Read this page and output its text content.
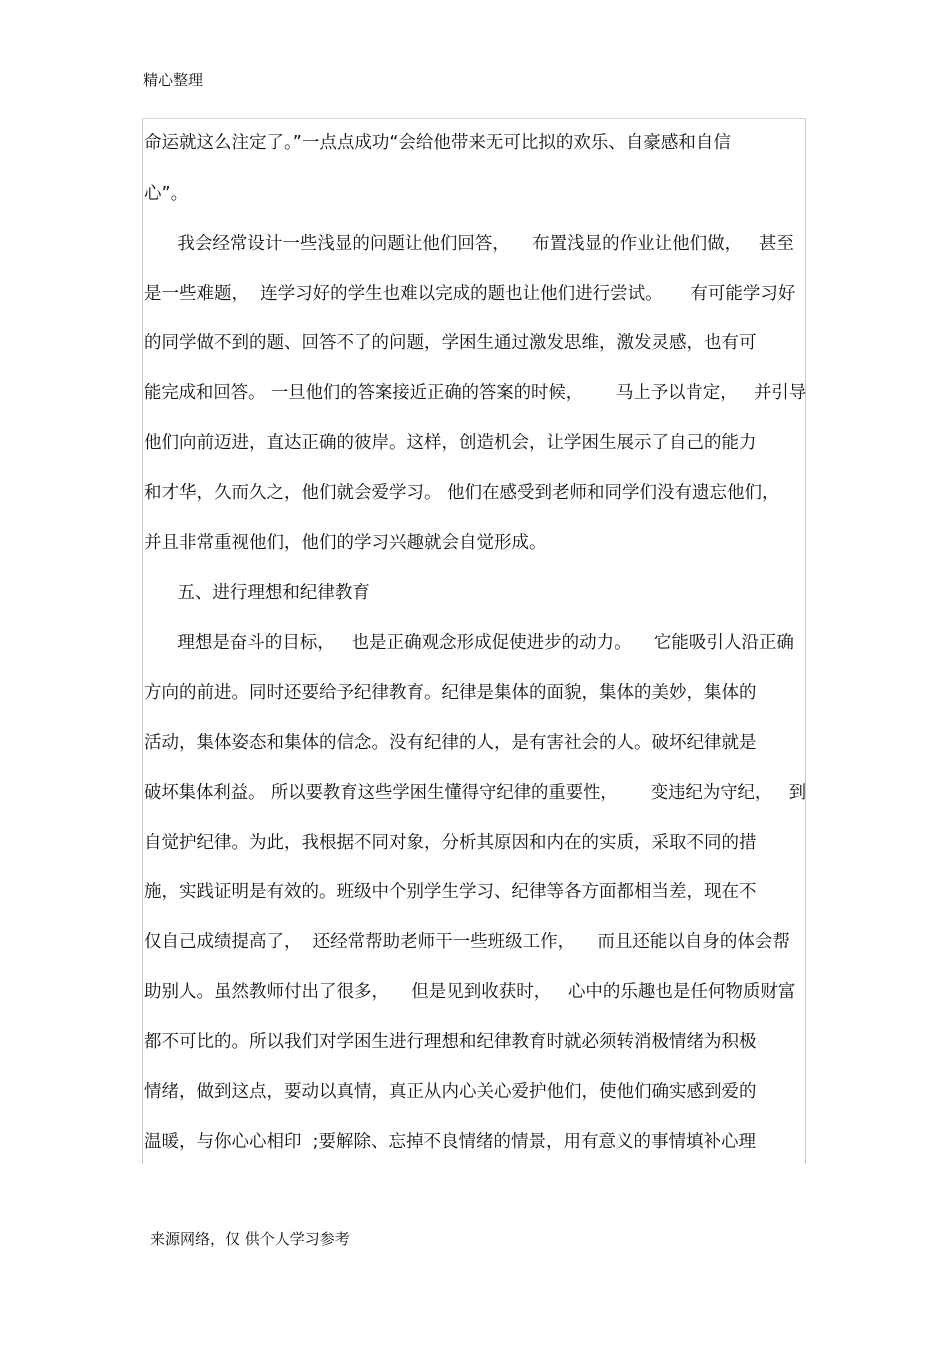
精心整理
命运就这么注定了。”一点点成功“会给他带来无可比拟的欢乐、自豪感和自信
心”。
我会经常设计一些浅显的问题让他们回答，    布置浅显的作业让他们做，   甚至
是一些难题，  连学习好的学生也难以完成的题也让他们进行尝试。     有可能学习好
的同学做不到的题、回答不了的问题，学困生通过激发思维，激发灵感，也有可
能完成和回答。 一旦他们的答案接近正确的答案的时候，      马上予以肯定，   并引导
他们向前迈进，直达正确的彼岸。这样，创造机会，让学困生展示了自己的能力
和才华，久而久之，他们就会爱学习。 他们在感受到老师和同学们没有遗忘他们，
并且非常重视他们，他们的学习兴趣就会自觉形成。
五、进行理想和纪律教育
理想是奋斗的目标，   也是正确观念形成促使进步的动力。    它能吸引人沿正确
方向的前进。同时还要给予纪律教育。纪律是集体的面貌，集体的美妙，集体的
活动，集体姿态和集体的信念。没有纪律的人，是有害社会的人。破坏纪律就是
破坏集体利益。 所以要教育这些学困生懂得守纪律的重要性，      变违纪为守纪，   到
自觉护纪律。为此，我根据不同对象，分析其原因和内在的实质，采取不同的措
施，实践证明是有效的。班级中个别学生学习、纪律等各方面都相当差，现在不
仅自己成绩提高了，  还经常帮助老师干一些班级工作，    而且还能以自身的体会帮
助别人。虽然教师付出了很多，    但是见到收获时，   心中的乐趣也是任何物质财富
都不可比的。所以我们对学困生进行理想和纪律教育时就必须转消极情绪为积极
情绪，做到这点，要动以真情，真正从内心关心爱护他们，使他们确实感到爱的
温暖，与你心心相印  ;要解除、忘掉不良情绪的情景，用有意义的事情填补心理
来源网络，仅 供个人学习参考
